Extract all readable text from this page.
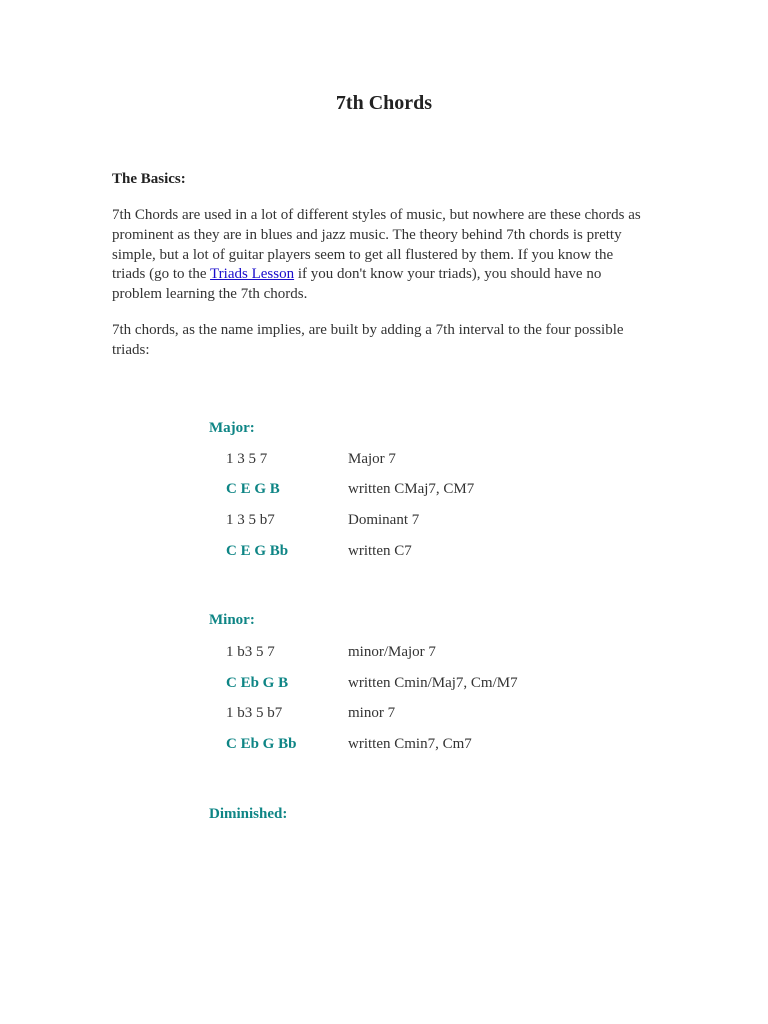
7th Chords
The Basics:

7th Chords are used in a lot of different styles of music, but nowhere are these chords as prominent as they are in blues and jazz music. The theory behind 7th chords is pretty simple, but a lot of guitar players seem to get all flustered by them. If you know the triads (go to the Triads Lesson if you don't know your triads), you should have no problem learning the 7th chords.

7th chords, as the name implies, are built by adding a 7th interval to the four possible triads:

Major:
1 3 5 7	Major 7
C E G B	written CMaj7, CM7
1 3 5 b7	Dominant 7
C E G Bb	written C7
Minor:
1 b3 5 7	minor/Major 7
C Eb G B	written Cmin/Maj7, Cm/M7
1 b3 5 b7	minor 7
C Eb G Bb	written Cmin7, Cm7
Diminished:
